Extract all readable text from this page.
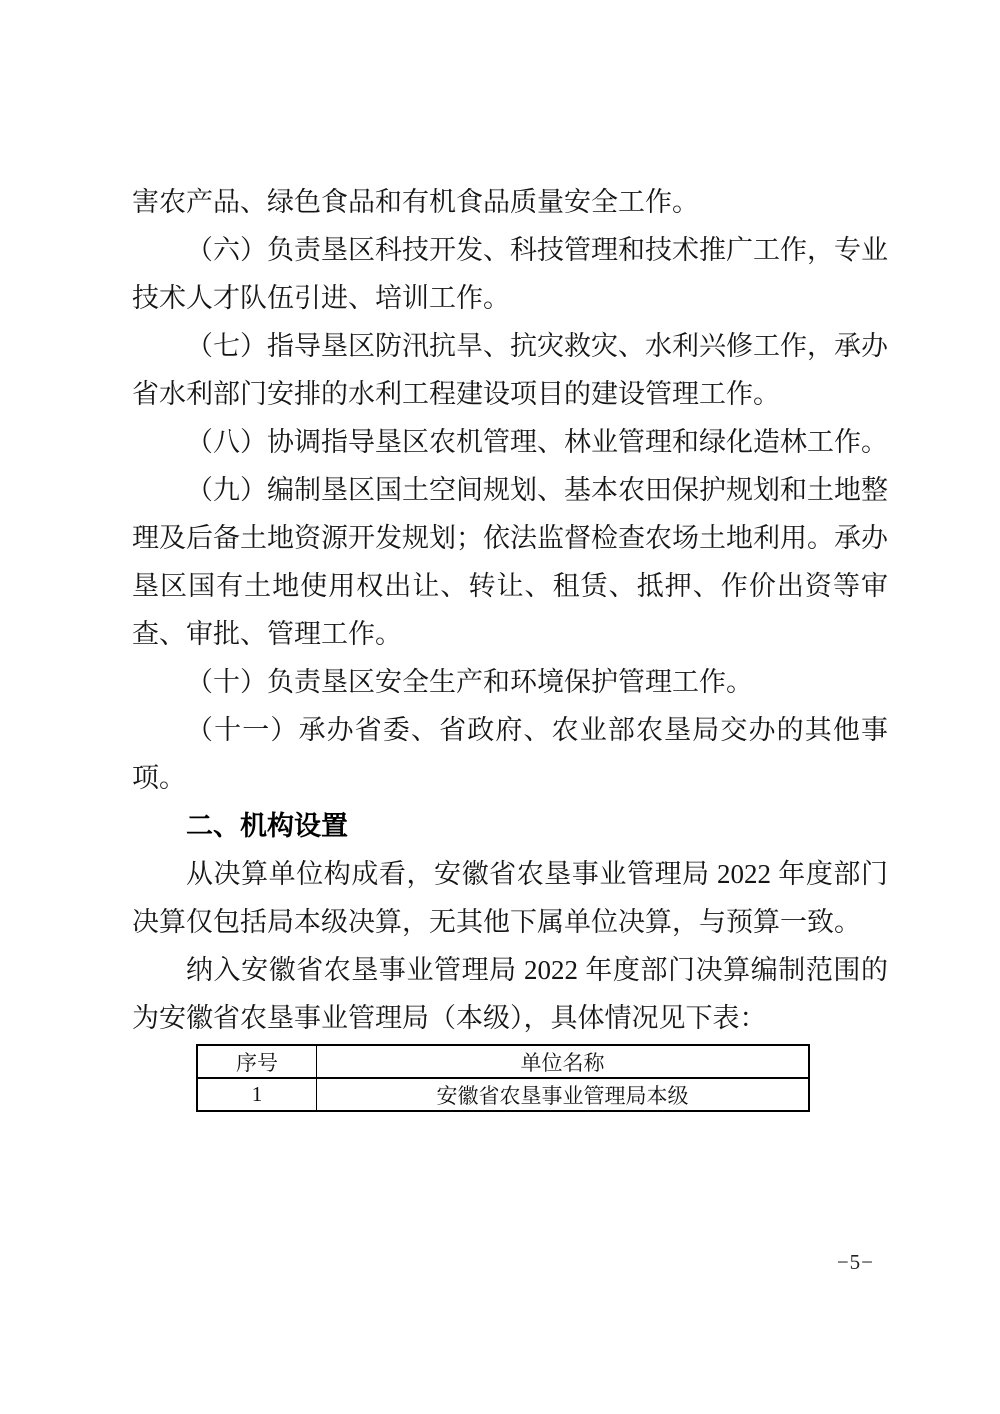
害农产品、绿色食品和有机食品质量安全工作。

（六）负责垦区科技开发、科技管理和技术推广工作，专业技术人才队伍引进、培训工作。

（七）指导垦区防汛抗旱、抗灾救灾、水利兴修工作，承办省水利部门安排的水利工程建设项目的建设管理工作。

（八）协调指导垦区农机管理、林业管理和绿化造林工作。

（九）编制垦区国土空间规划、基本农田保护规划和土地整理及后备土地资源开发规划；依法监督检查农场土地利用。承办垦区国有土地使用权出让、转让、租赁、抵押、作价出资等审查、审批、管理工作。

（十）负责垦区安全生产和环境保护管理工作。

（十一）承办省委、省政府、农业部农垦局交办的其他事项。

二、机构设置

从决算单位构成看，安徽省农垦事业管理局 2022 年度部门决算仅包括局本级决算，无其他下属单位决算，与预算一致。

纳入安徽省农垦事业管理局 2022 年度部门决算编制范围的为安徽省农垦事业管理局（本级），具体情况见下表：

序号	单位名称
1	安徽省农垦事业管理局本级
−5−
